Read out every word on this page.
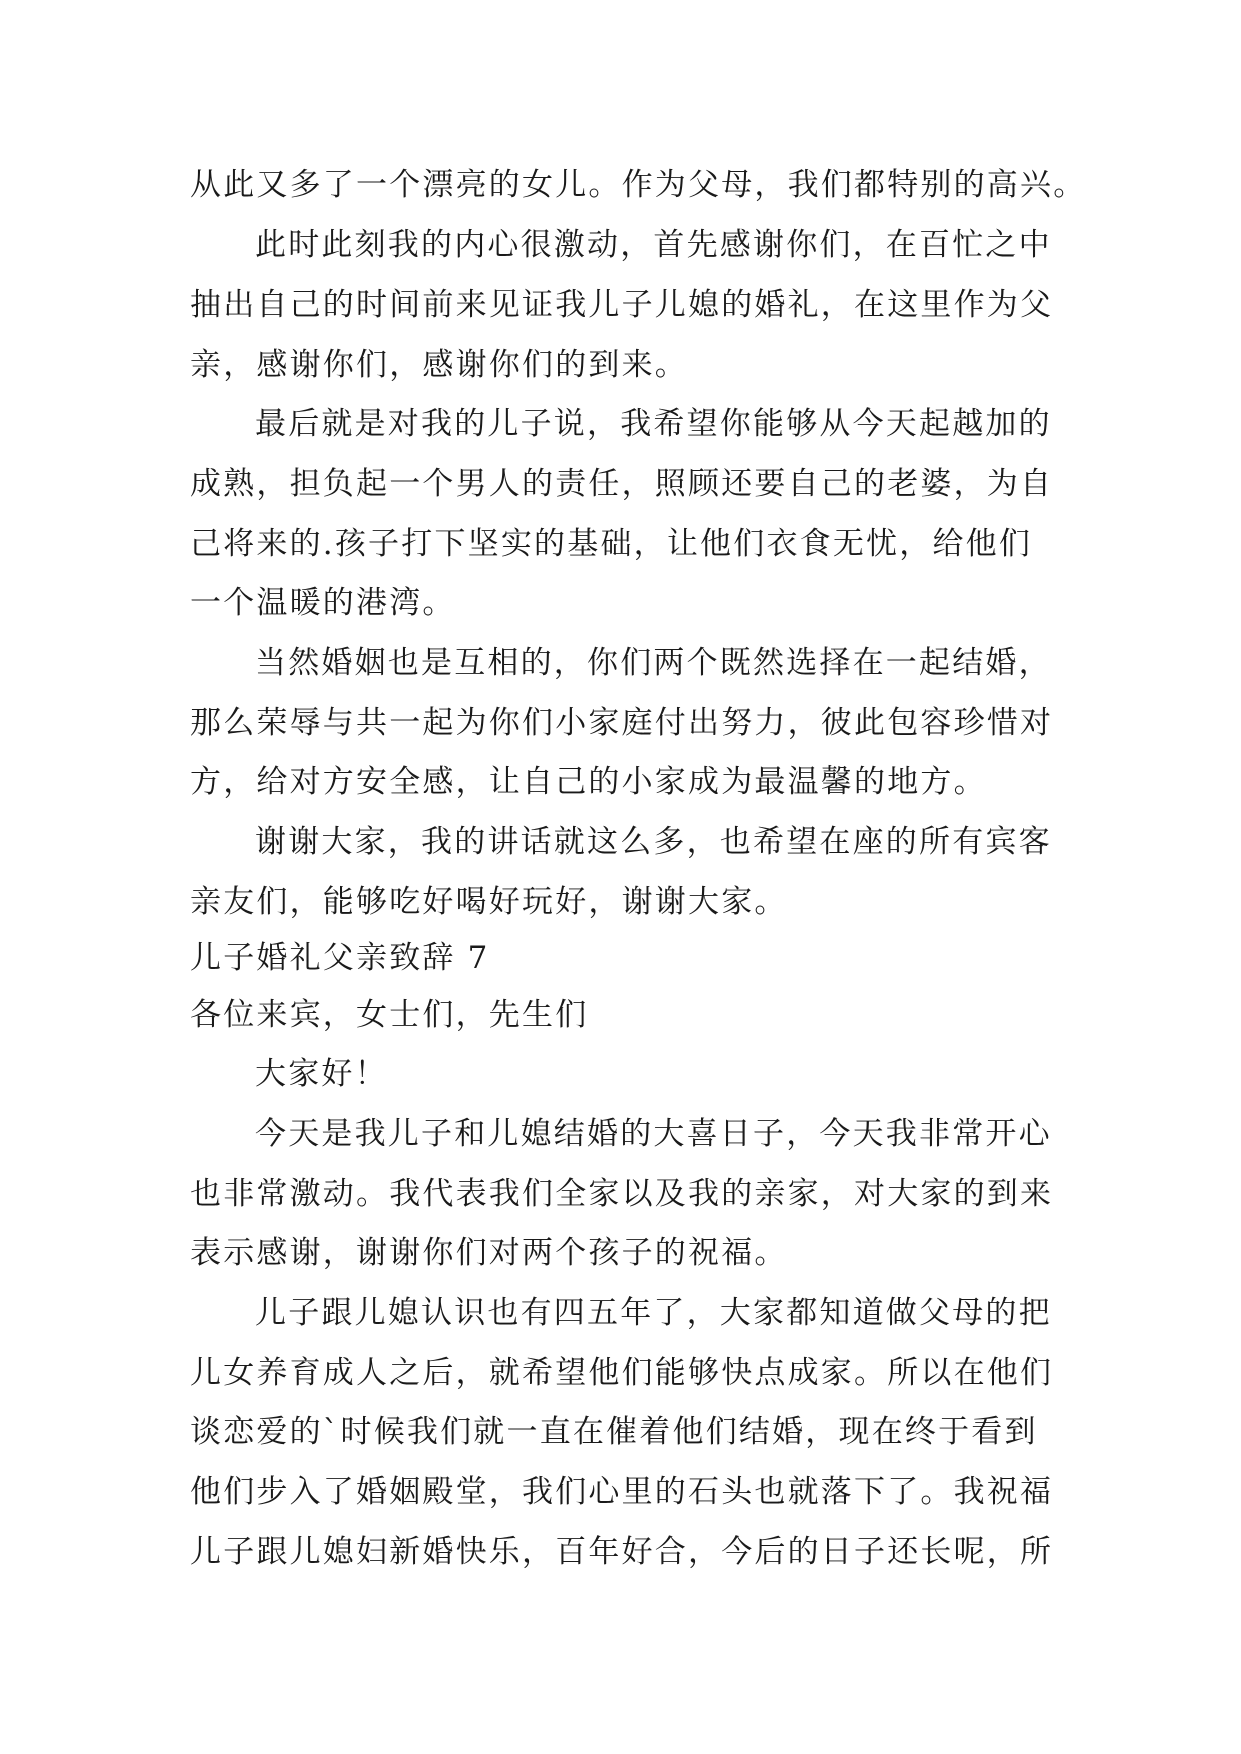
从此又多了一个漂亮的女儿。作为父母，我们都特别的高兴。
此时此刻我的内心很激动，首先感谢你们，在百忙之中
抽出自己的时间前来见证我儿子儿媳的婚礼，在这里作为父
亲，感谢你们，感谢你们的到来。
最后就是对我的儿子说，我希望你能够从今天起越加的
成熟，担负起一个男人的责任，照顾还要自己的老婆，为自
己将来的.孩子打下坚实的基础，让他们衣食无忧，给他们
一个温暖的港湾。
当然婚姻也是互相的，你们两个既然选择在一起结婚，
那么荣辱与共一起为你们小家庭付出努力，彼此包容珍惜对
方，给对方安全感，让自己的小家成为最温馨的地方。
谢谢大家，我的讲话就这么多，也希望在座的所有宾客
亲友们，能够吃好喝好玩好，谢谢大家。
儿子婚礼父亲致辞 7
各位来宾，女士们，先生们
大家好！
今天是我儿子和儿媳结婚的大喜日子，今天我非常开心
也非常激动。我代表我们全家以及我的亲家，对大家的到来
表示感谢，谢谢你们对两个孩子的祝福。
儿子跟儿媳认识也有四五年了，大家都知道做父母的把
儿女养育成人之后，就希望他们能够快点成家。所以在他们
谈恋爱的`时候我们就一直在催着他们结婚，现在终于看到
他们步入了婚姻殿堂，我们心里的石头也就落下了。我祝福
儿子跟儿媳妇新婚快乐，百年好合，今后的日子还长呢，所
